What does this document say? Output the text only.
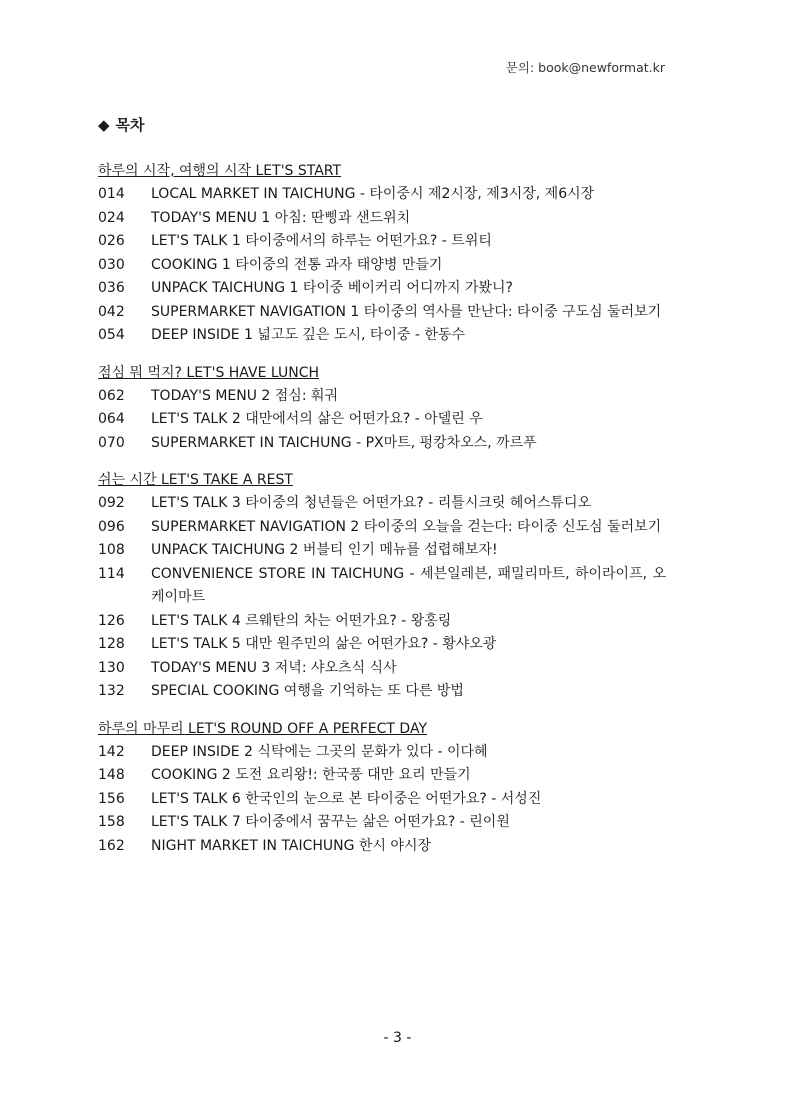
문의: book@newformat.kr
◆ 목차
하루의 시작, 여행의 시작 LET'S START
014	LOCAL MARKET IN TAICHUNG - 타이중시 제2시장, 제3시장, 제6시장
024	TODAY'S MENU 1 아침: 딴삥과 샌드위치
026	LET'S TALK 1 타이중에서의 하루는 어떤가요? - 트위티
030	COOKING 1 타이중의 전통 과자 태양병 만들기
036	UNPACK TAICHUNG 1 타이중 베이커리 어디까지 가봤니?
042	SUPERMARKET NAVIGATION 1 타이중의 역사를 만난다: 타이중 구도심 둘러보기
054	DEEP INSIDE 1 넓고도 깊은 도시, 타이중 - 한동수
점심 뭐 먹지? LET'S HAVE LUNCH
062	TODAY'S MENU 2 점심: 훠궈
064	LET'S TALK 2 대만에서의 삶은 어떤가요? - 아델린 우
070	SUPERMARKET IN TAICHUNG - PX마트, 펑캉차오스, 까르푸
쉬는 시간 LET'S TAKE A REST
092	LET'S TALK 3 타이중의 청년들은 어떤가요? - 리틀시크릿 헤어스튜디오
096	SUPERMARKET NAVIGATION 2 타이중의 오늘을 걷는다: 타이중 신도심 둘러보기
108	UNPACK TAICHUNG 2 버블티 인기 메뉴를 섭렵해보자!
114	CONVENIENCE STORE IN TAICHUNG - 세븐일레븐, 패밀리마트, 하이라이프, 오케이마트
126	LET'S TALK 4 르웨탄의 차는 어떤가요? - 왕홍링
128	LET'S TALK 5 대만 원주민의 삶은 어떤가요? - 황샤오광
130	TODAY'S MENU 3 저녁: 샤오츠식 식사
132	SPECIAL COOKING 여행을 기억하는 또 다른 방법
하루의 마무리 LET'S ROUND OFF A PERFECT DAY
142	DEEP INSIDE 2 식탁에는 그곳의 문화가 있다 - 이다혜
148	COOKING 2 도전 요리왕!: 한국풍 대만 요리 만들기
156	LET'S TALK 6 한국인의 눈으로 본 타이중은 어떤가요? - 서성진
158	LET'S TALK 7 타이중에서 꿈꾸는 삶은 어떤가요? - 린이원
162	NIGHT MARKET IN TAICHUNG 한시 야시장
- 3 -
